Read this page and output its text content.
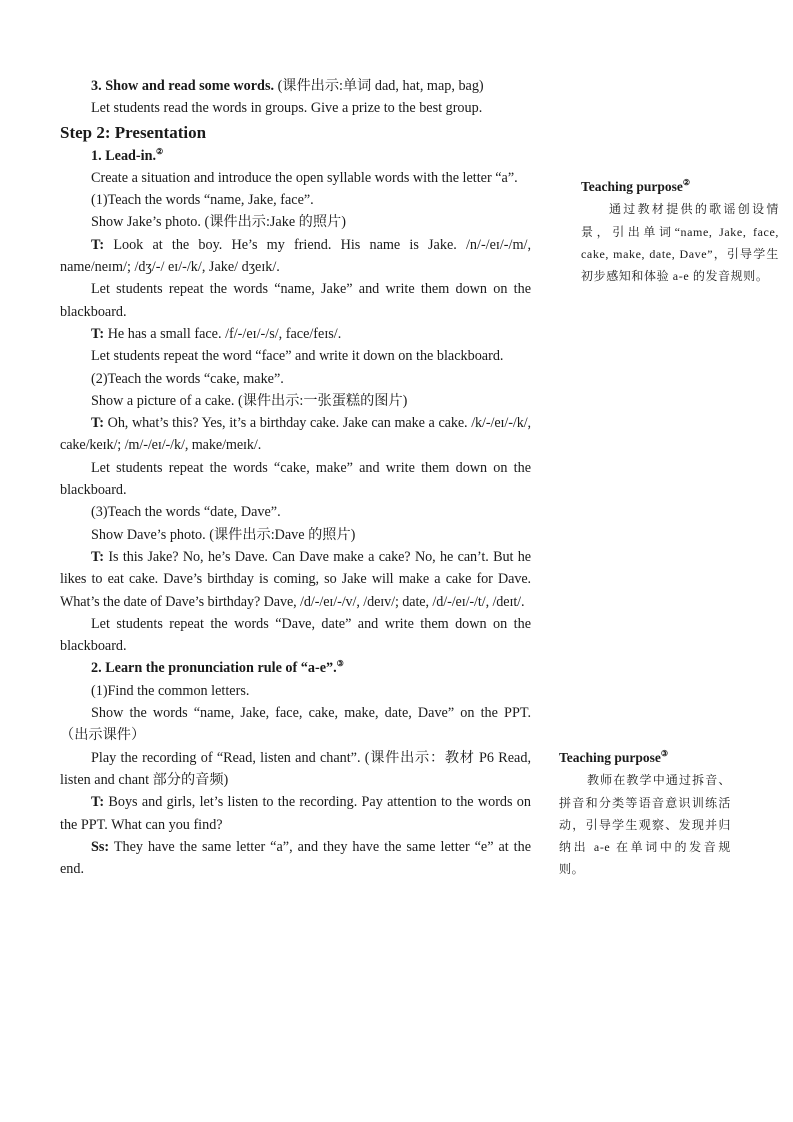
3. Show and read some words. (课件出示:单词 dad, hat, map, bag)

Let students read the words in groups. Give a prize to the best group.

Step 2: Presentation

1. Lead-in.②

Create a situation and introduce the open syllable words with the letter “a”.

(1)Teach the words “name, Jake, face”.

Show Jake’s photo. (课件出示:Jake 的照片)

T: Look at the boy. He’s my friend. His name is Jake. /n/-/eɪ/-/m/, name/neɪm/; /dʒ/-/ eɪ/-/k/, Jake/ dʒeɪk/.

Let students repeat the words “name, Jake” and write them down on the blackboard.

T: He has a small face. /f/-/eɪ/-/s/, face/feɪs/.

Let students repeat the word “face” and write it down on the blackboard.

(2)Teach the words “cake, make”.

Show a picture of a cake. (课件出示:一张蛋糕的图片)

T: Oh, what’s this? Yes, it’s a birthday cake. Jake can make a cake. /k/-/eɪ/-/k/, cake/keɪk/; /m/-/eɪ/-/k/, make/meɪk/.

Let students repeat the words “cake, make” and write them down on the blackboard.

(3)Teach the words “date, Dave”.

Show Dave’s photo. (课件出示:Dave 的照片)

T: Is this Jake? No, he’s Dave. Can Dave make a cake? No, he can’t. But he likes to eat cake. Dave’s birthday is coming, so Jake will make a cake for Dave. What’s the date of Dave’s birthday? Dave, /d/-/eɪ/-/v/, /deɪv/; date, /d/-/eɪ/-/t/, /deɪt/.

Let students repeat the words “Dave, date” and write them down on the blackboard.

2. Learn the pronunciation rule of “a-e”.③

(1)Find the common letters.

Show the words “name, Jake, face, cake, make, date, Dave” on the PPT. （出示课件）

Play the recording of “Read, listen and chant”. (课件出示：教材 P6 Read, listen and chant 部分的音频)

T: Boys and girls, let’s listen to the recording. Pay attention to the words on the PPT. What can you find?

Ss: They have the same letter “a”, and they have the same letter “e” at the end.

Teaching purpose②
通过教材提供的歌谣创设情景，引出单词“name, Jake, face, cake, make, date, Dave”，引导学生初步感知和体验 a-e 的发音规则。
Teaching purpose③
教师在教学中通过拆音、拼音和分类等语音意识训练活动，引导学生观察、发现并归纳出 a-e 在单词中的发音规则。
